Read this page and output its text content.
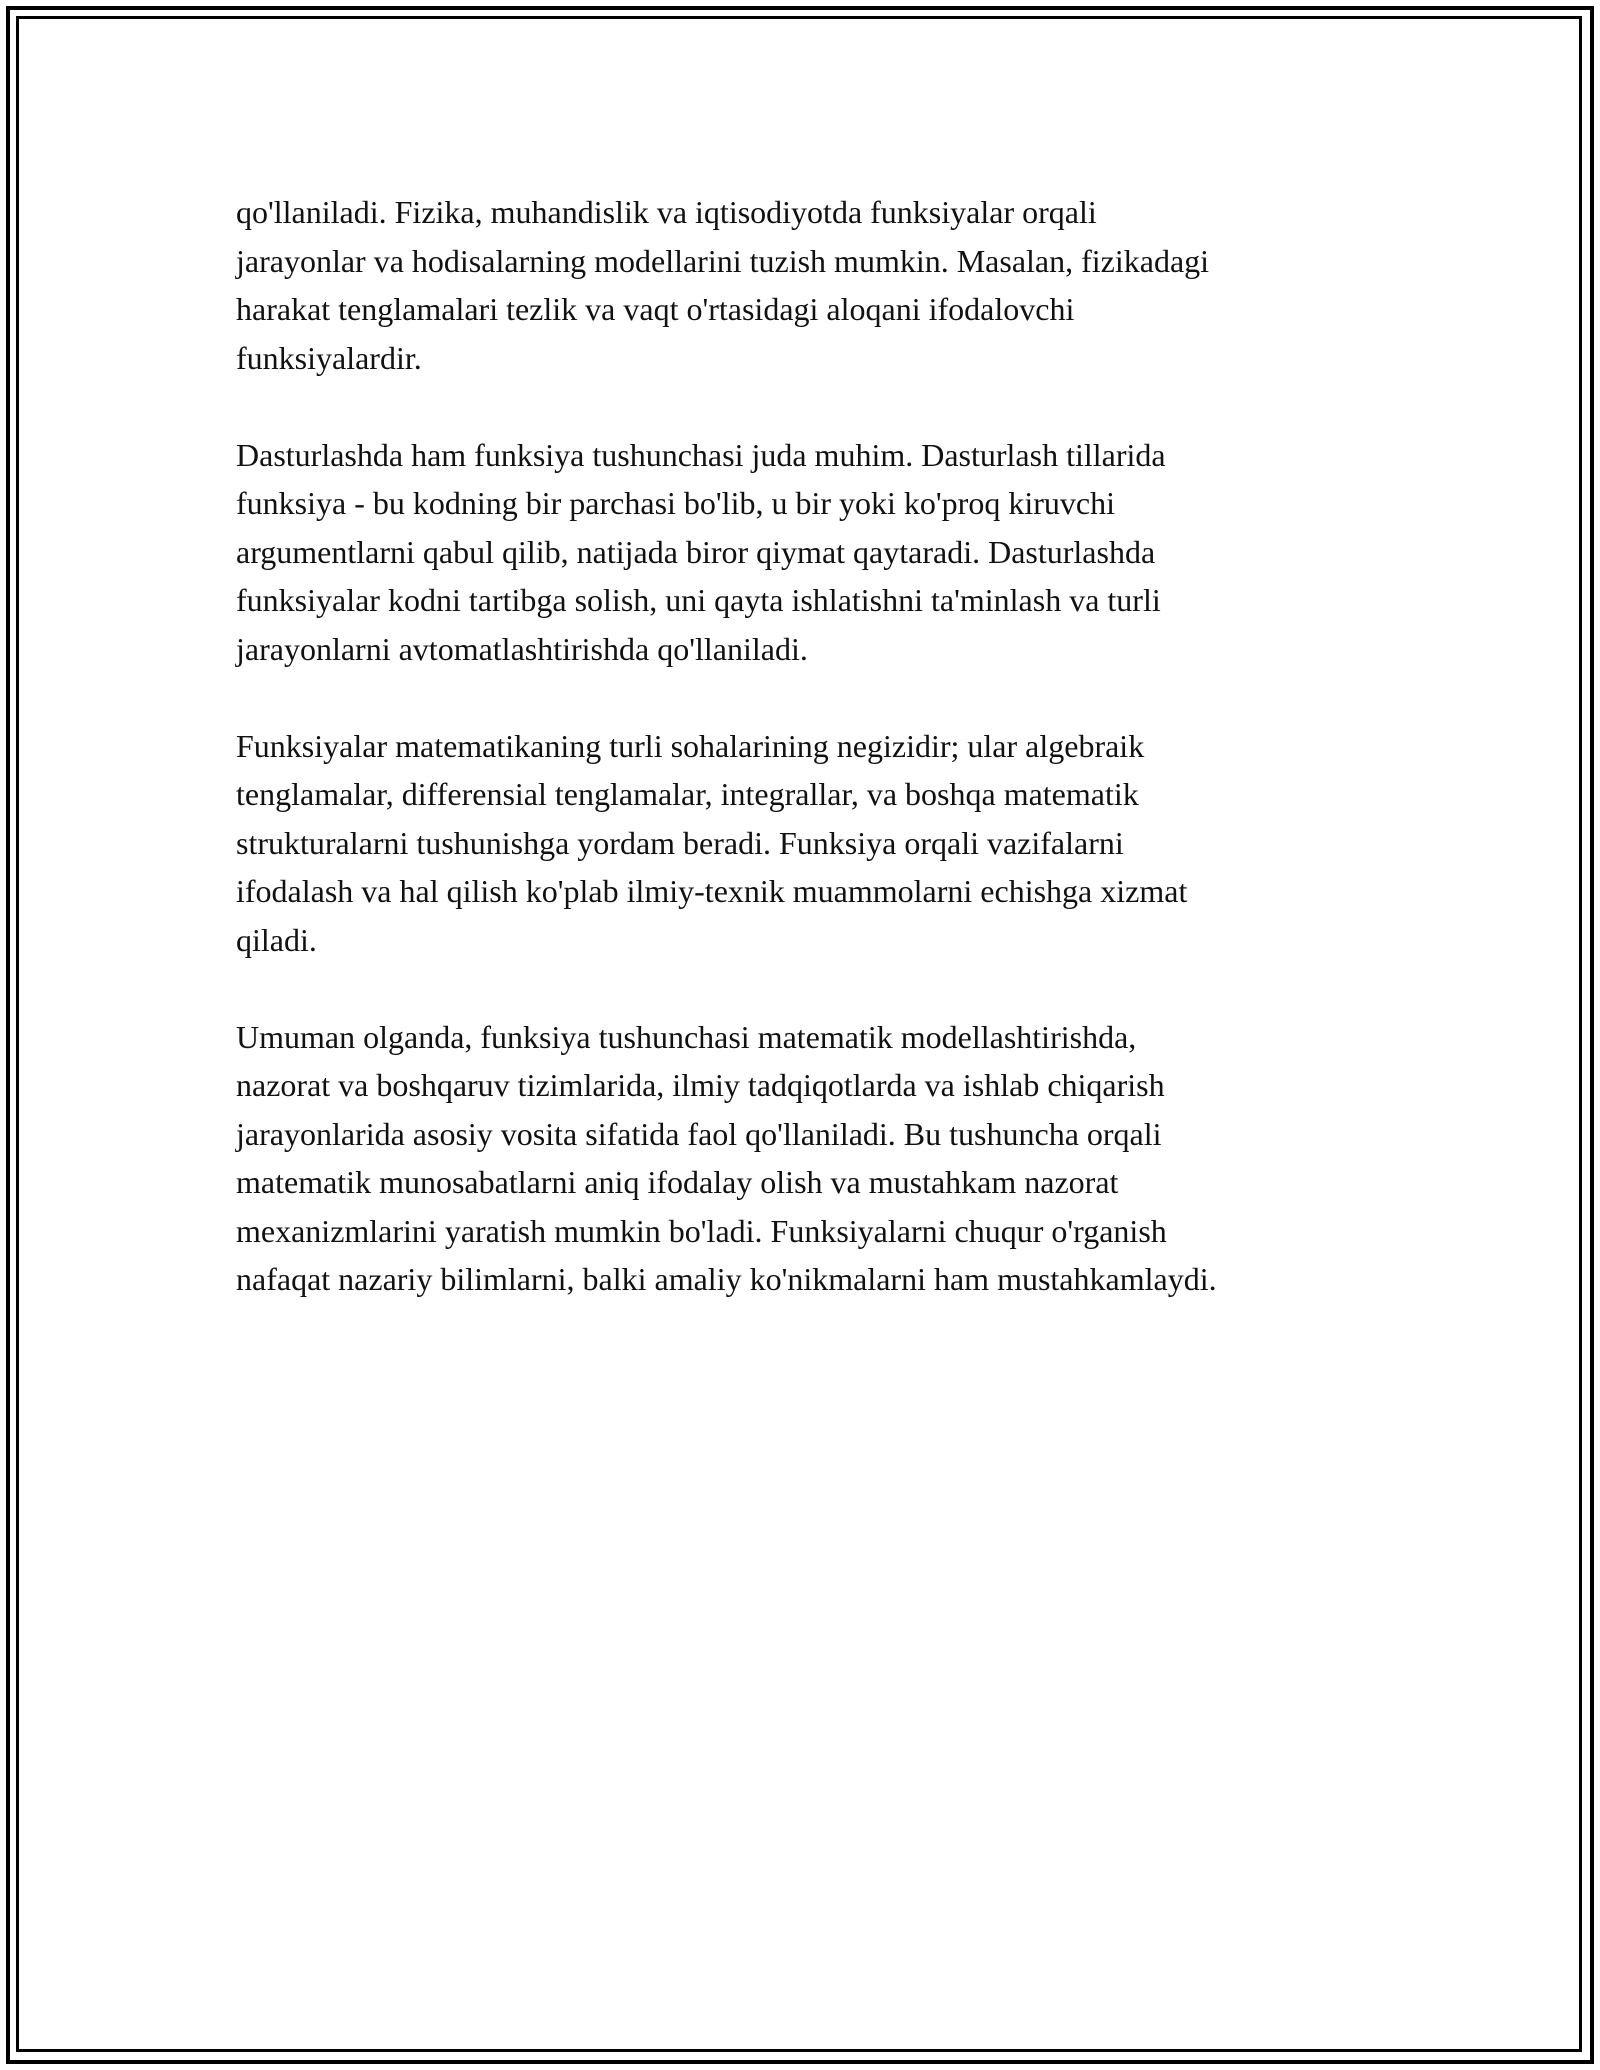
qo'llaniladi. Fizika, muhandislik va iqtisodiyotda funksiyalar orqali
jarayonlar va hodisalarning modellarini tuzish mumkin. Masalan, fizikadagi
harakat tenglamalari tezlik va vaqt o'rtasidagi aloqani ifodalovchi
funksiyalardir.

Dasturlashda ham funksiya tushunchasi juda muhim. Dasturlash tillarida
funksiya - bu kodning bir parchasi bo'lib, u bir yoki ko'proq kiruvchi
argumentlarni qabul qilib, natijada biror qiymat qaytaradi. Dasturlashda
funksiyalar kodni tartibga solish, uni qayta ishlatishni ta'minlash va turli
jarayonlarni avtomatlashtirishda qo'llaniladi.

Funksiyalar matematikaning turli sohalarining negizidir; ular algebraik
tenglamalar, differensial tenglamalar, integrallar, va boshqa matematik
strukturalarni tushunishga yordam beradi. Funksiya orqali vazifalarni
ifodalash va hal qilish ko'plab ilmiy-texnik muammolarni echishga xizmat
qiladi.

Umuman olganda, funksiya tushunchasi matematik modellashtirishda,
nazorat va boshqaruv tizimlarida, ilmiy tadqiqotlarda va ishlab chiqarish
jarayonlarida asosiy vosita sifatida faol qo'llaniladi. Bu tushuncha orqali
matematik munosabatlarni aniq ifodalay olish va mustahkam nazorat
mexanizmlarini yaratish mumkin bo'ladi. Funksiyalarni chuqur o'rganish
nafaqat nazariy bilimlarni, balki amaliy ko'nikmalarni ham mustahkamlaydi.
